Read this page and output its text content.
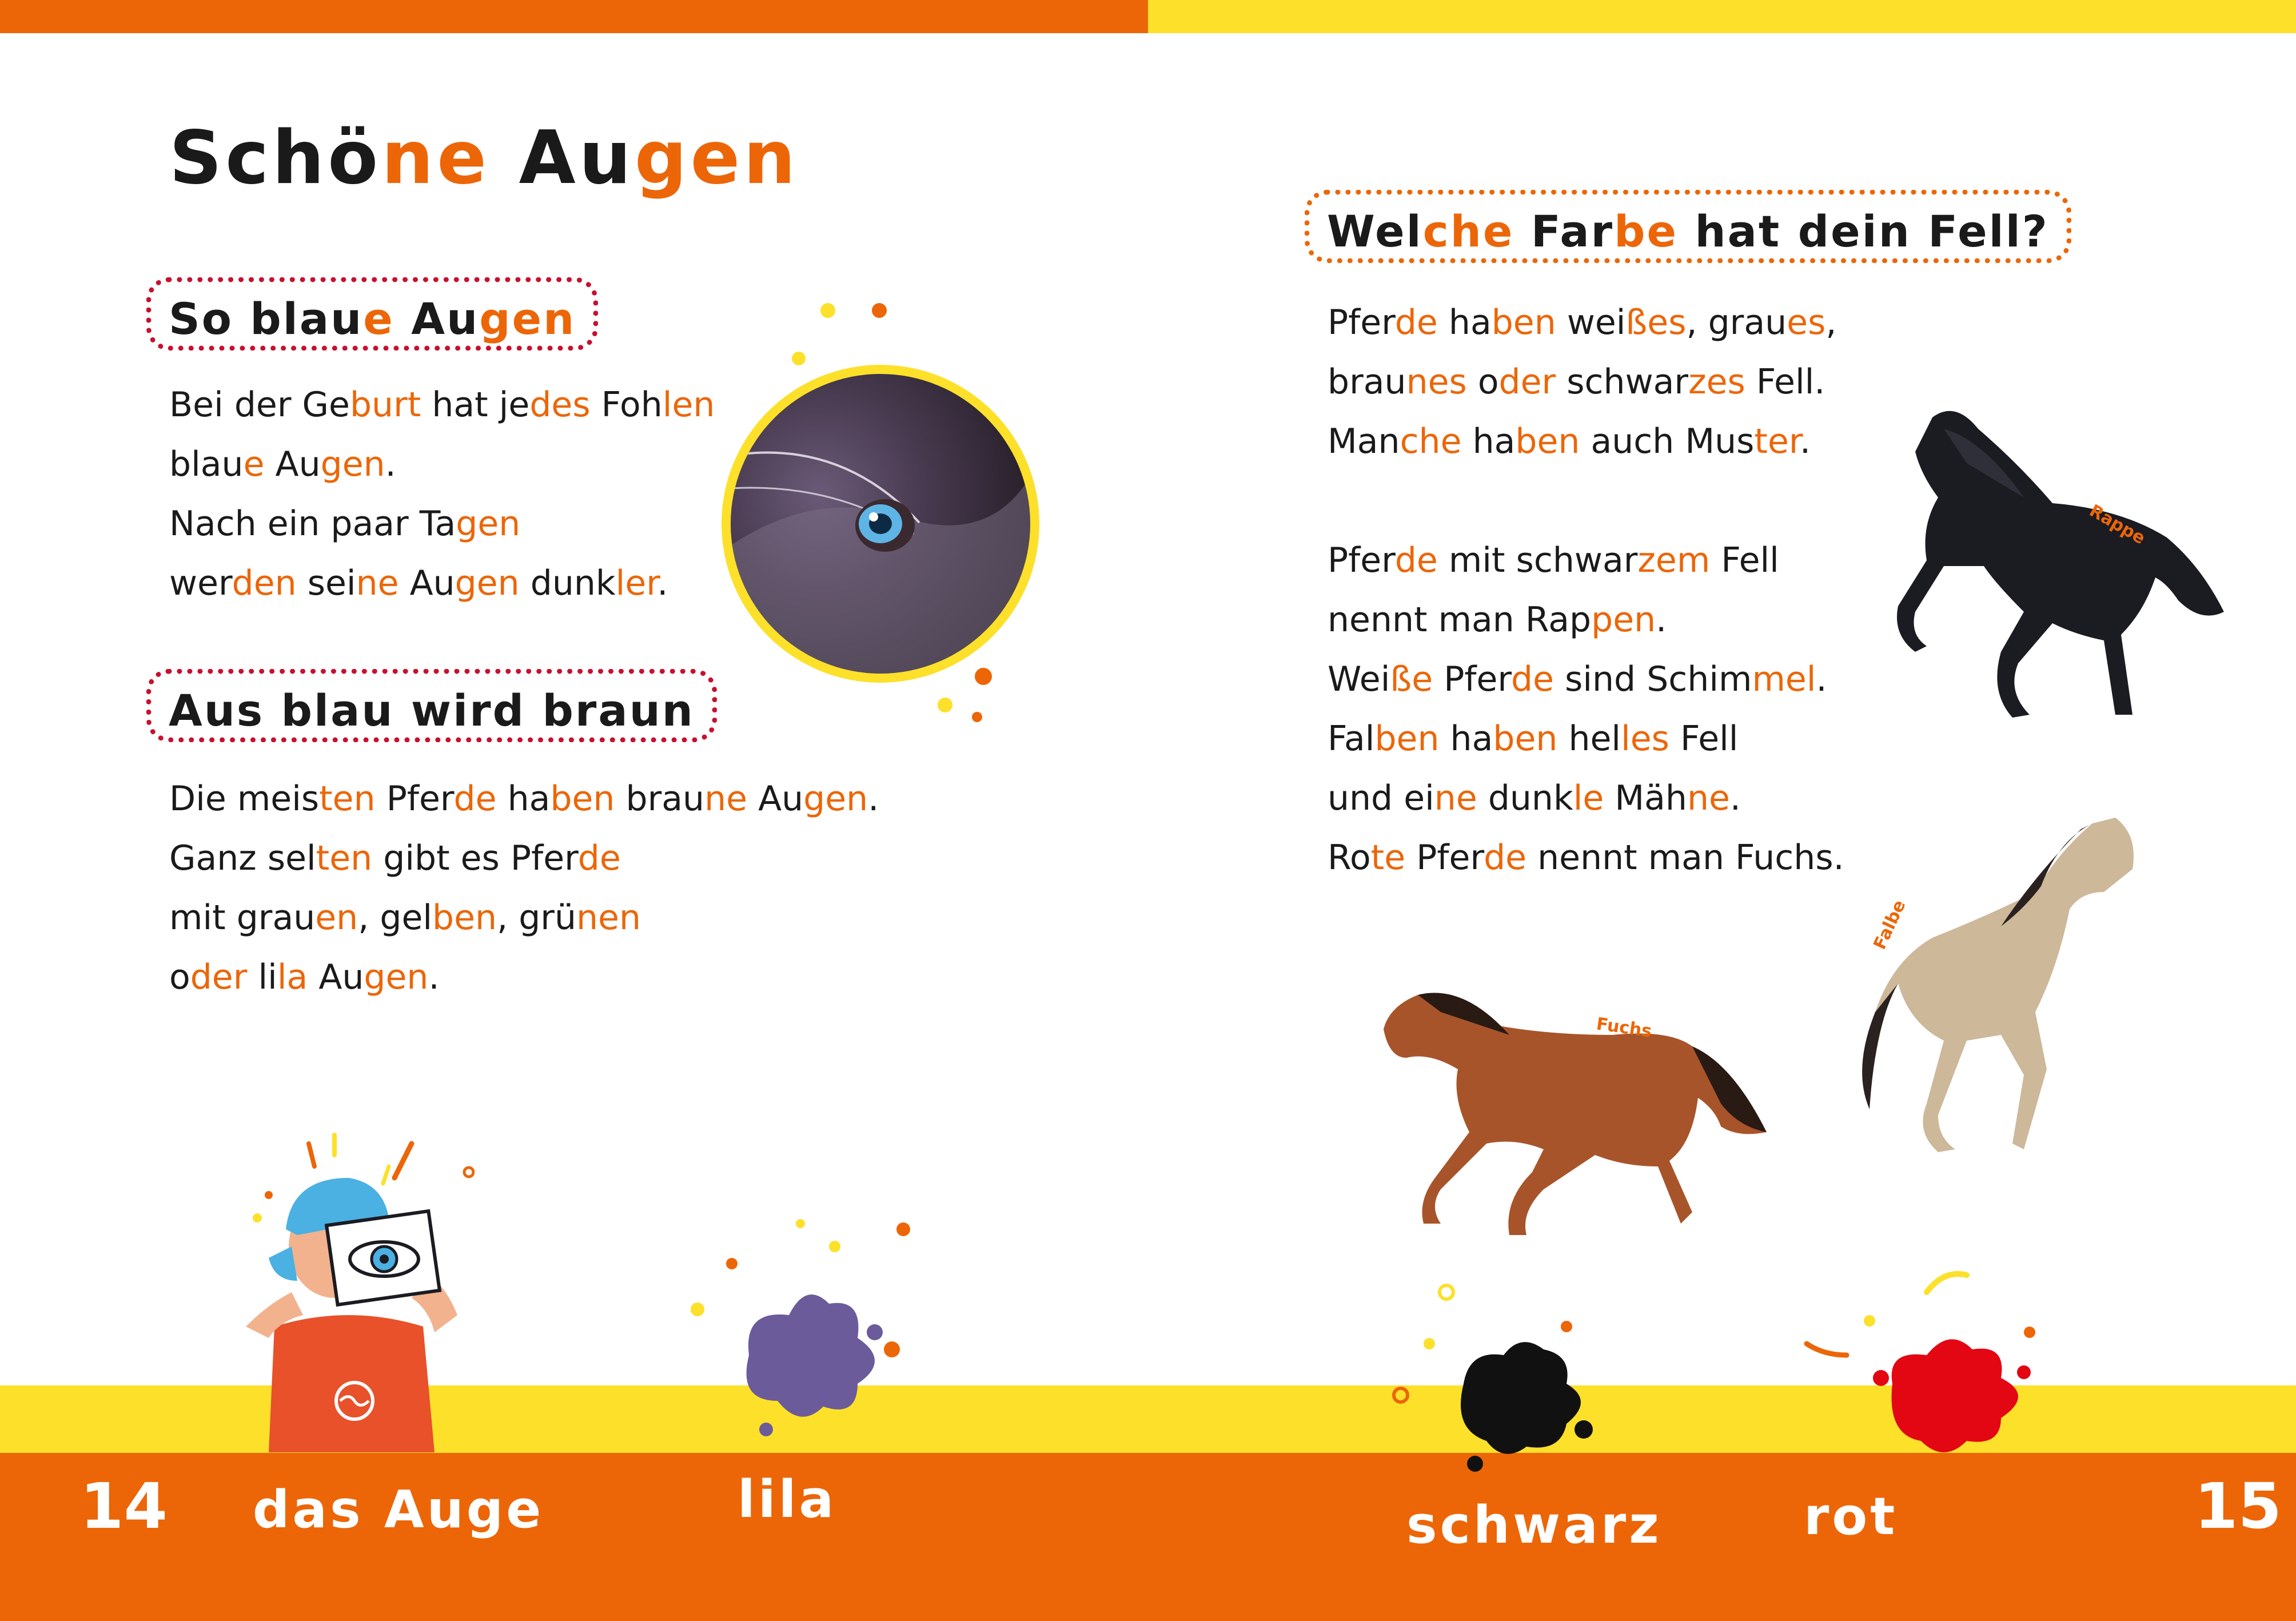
Schöne Augen
So blaue Augen
Bei der Geburt hat jedes Fohlen
blaue Augen.
Nach ein paar Tagen
werden seine Augen dunkler.
Aus blau wird braun
Die meisten Pferde haben braune Augen.
Ganz selten gibt es Pferde
mit grauen, gelben, grünen
oder lila Augen.
Welche Farbe hat dein Fell?
Pferde haben weißes, graues,
braunes oder schwarzes Fell.
Manche haben auch Muster.
Pferde mit schwarzem Fell
nennt man Rappen.
Weiße Pferde sind Schimmel.
Falben haben helles Fell
und eine dunkle Mähne.
Rote Pferde nennt man Fuchs.
Rappe
Falbe
Fuchs
14	15
das Auge	lila	schwarz	rot
